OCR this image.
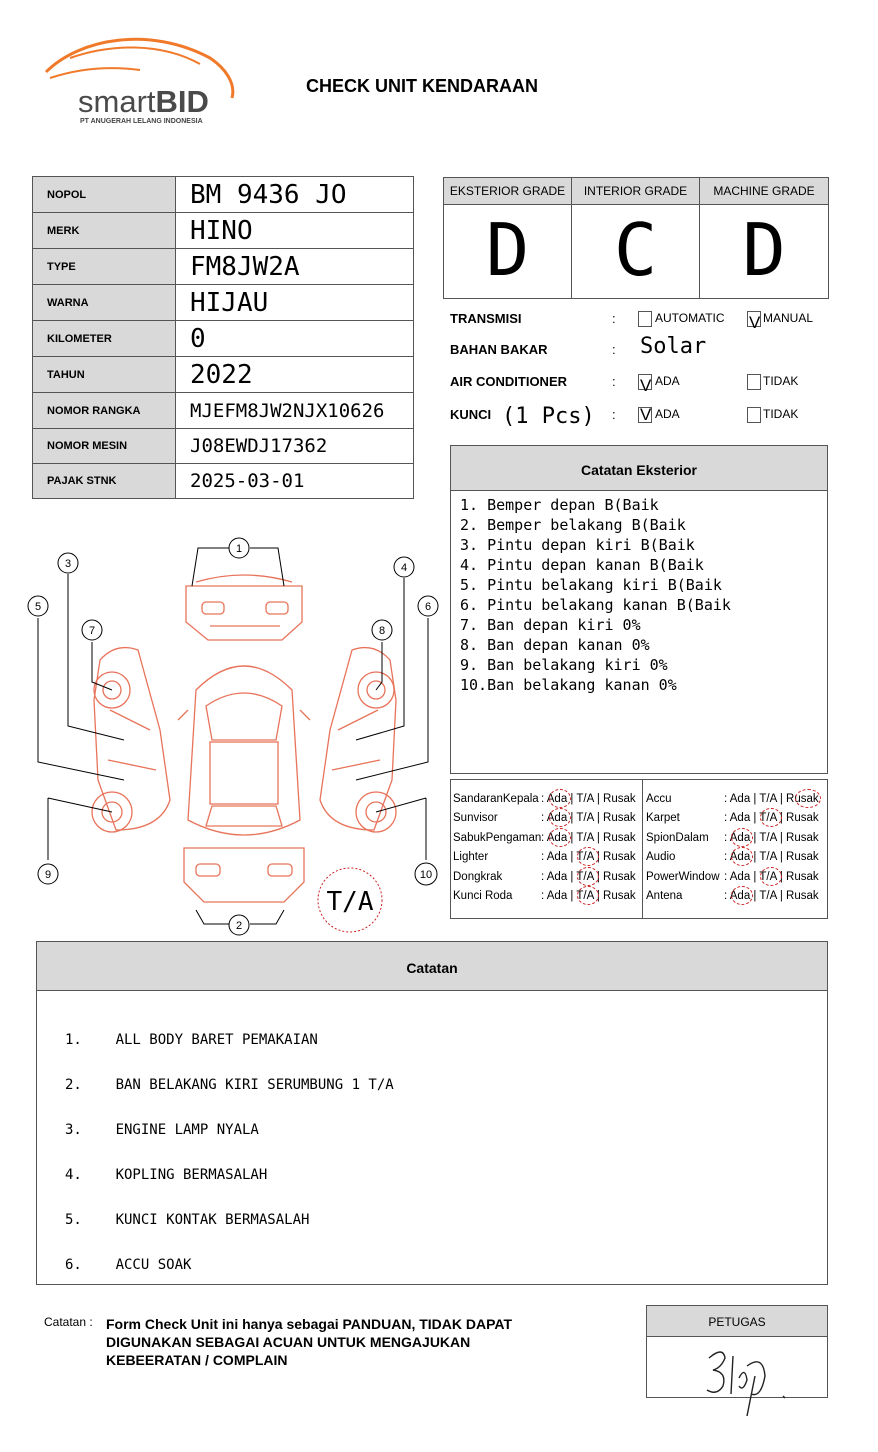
smartBID
PT ANUGERAH LELANG INDONESIA
CHECK UNIT KENDARAAN
NOPOL	BM 9436 JO
MERK	HINO
TYPE	FM8JW2A
WARNA	HIJAU
KILOMETER	0
TAHUN	2022
NOMOR RANGKA	MJEFM8JW2NJX10626
NOMOR MESIN	J08EWDJ17362
PAJAK STNK	2025-03-01
EKSTERIOR GRADE
D
INTERIOR GRADE
C
MACHINE GRADE
D
TRANSMISI	:	AUTOMATIC V MANUAL
BAHAN BAKAR	: Solar
AIR CONDITIONER	: V ADA	TIDAK
KUNCI (1 Pcs) : V ADA	TIDAK
Catatan Eksterior
1. Bemper depan B(Baik
2. Bemper belakang B(Baik
3. Pintu depan kiri B(Baik
4. Pintu depan kanan B(Baik
5. Pintu belakang kiri B(Baik
6. Pintu belakang kanan B(Baik
7. Ban depan kiri 0%
8. Ban depan kanan 0%
9. Ban belakang kiri 0%
10.Ban belakang kanan 0%
SandaranKepala : Ada | T/A | Rusak
Sunvisor	: Ada | T/A | Rusak
SabukPengaman : Ada | T/A | Rusak
Lighter	: Ada | T/A | Rusak
Dongkrak	: Ada | T/A | Rusak
Kunci Roda : Ada | T/A | Rusak
Accu	: Ada | T/A | Rusak
Karpet	: Ada | T/A | Rusak
SpionDalam : Ada | T/A | Rusak
Audio	: Ada | T/A | Rusak
PowerWindow : Ada | T/A | Rusak
Antena	: Ada | T/A | Rusak
1
2
3	4
5	6
7	8
9	10
T/A
Catatan

1.    ALL BODY BARET PEMAKAIAN

2.    BAN BELAKANG KIRI SERUMBUNG 1 T/A

3.    ENGINE LAMP NYALA

4.    KOPLING BERMASALAH

5.    KUNCI KONTAK BERMASALAH

6.    ACCU SOAK

Catatan : Form Check Unit ini hanya sebagai PANDUAN, TIDAK DAPAT DIGUNAKAN SEBAGAI ACUAN UNTUK MENGAJUKAN KEBEERATAN / COMPLAIN
PETUGAS
